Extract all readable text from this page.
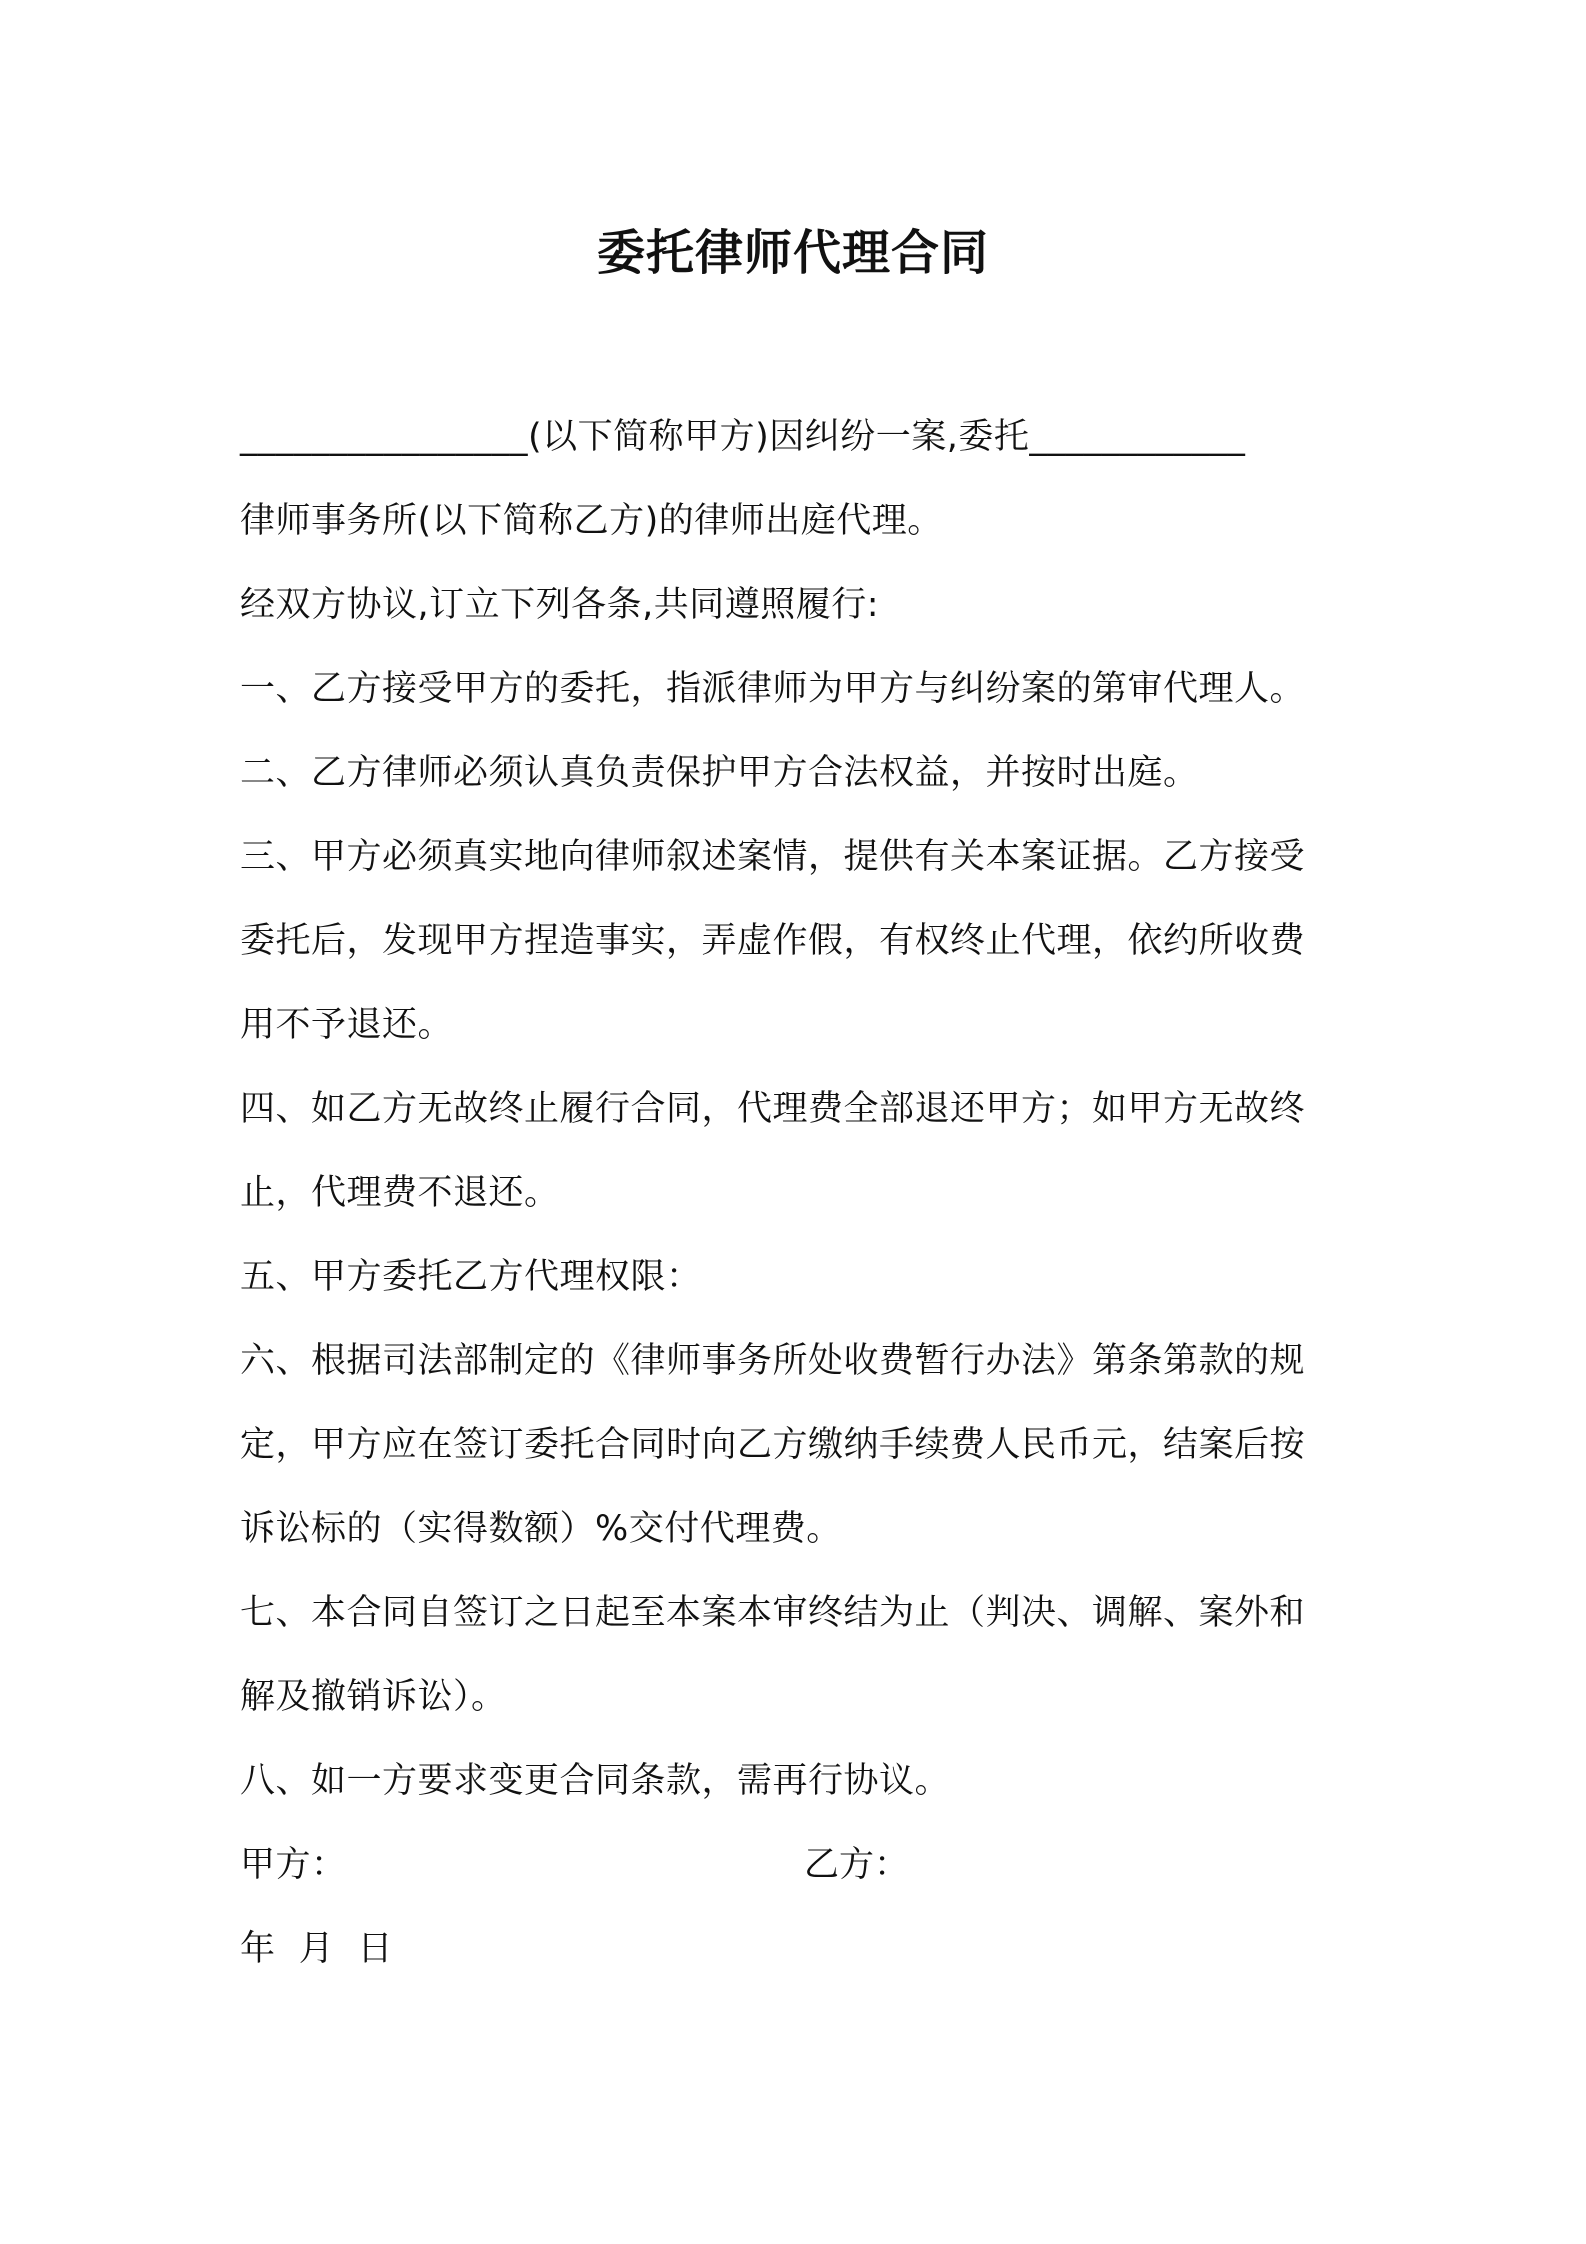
委托律师代理合同
________________(以下简称甲方)因纠纷一案,委托____________
律师事务所(以下简称乙方)的律师出庭代理。
经双方协议,订立下列各条,共同遵照履行:
一、乙方接受甲方的委托，指派律师为甲方与纠纷案的第审代理人。
二、乙方律师必须认真负责保护甲方合法权益，并按时出庭。
三、甲方必须真实地向律师叙述案情，提供有关本案证据。乙方接受
委托后，发现甲方捏造事实，弄虚作假，有权终止代理，依约所收费
用不予退还。
四、如乙方无故终止履行合同，代理费全部退还甲方；如甲方无故终
止，代理费不退还。
五、甲方委托乙方代理权限：
六、根据司法部制定的《律师事务所处收费暂行办法》第条第款的规
定，甲方应在签订委托合同时向乙方缴纳手续费人民币元，结案后按
诉讼标的（实得数额）%交付代理费。
七、本合同自签订之日起至本案本审终结为止（判决、调解、案外和
解及撤销诉讼）。
八、如一方要求变更合同条款，需再行协议。
甲方：	乙方：
年  月  日
